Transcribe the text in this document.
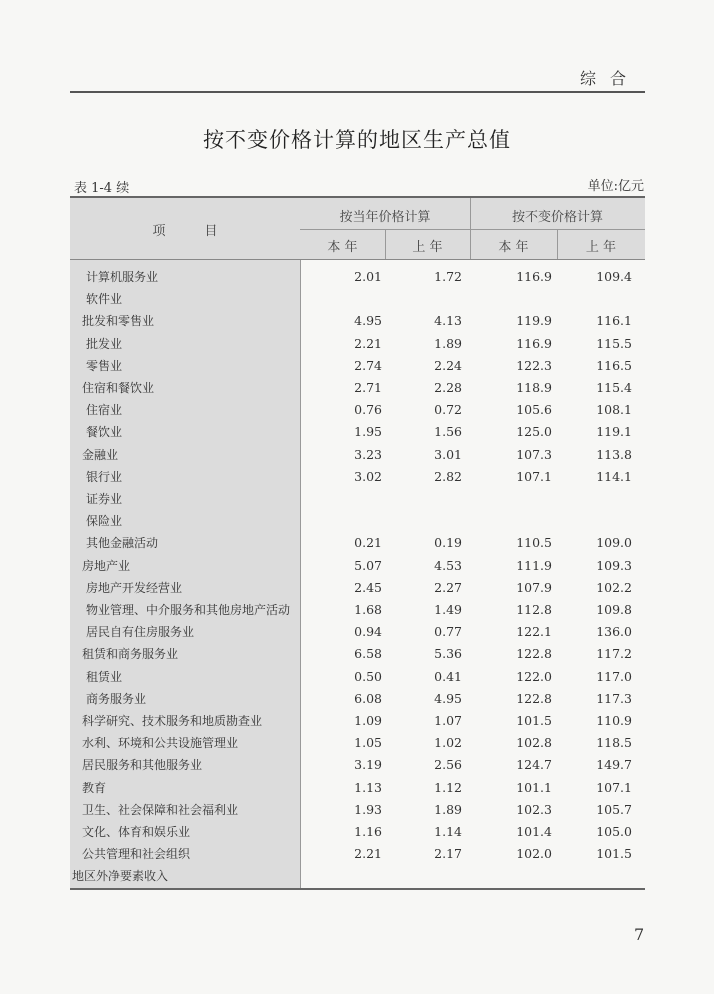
综合
按不变价格计算的地区生产总值
表 1-4 续	单位:亿元
项　　　目
按当年价格计算	按不变价格计算
本 年	上 年	本 年	上 年
计算机服务业	2.01	1.72	116.9	109.4
软件业
批发和零售业	4.95	4.13	119.9	116.1
批发业	2.21	1.89	116.9	115.5
零售业	2.74	2.24	122.3	116.5
住宿和餐饮业	2.71	2.28	118.9	115.4
住宿业	0.76	0.72	105.6	108.1
餐饮业	1.95	1.56	125.0	119.1
金融业	3.23	3.01	107.3	113.8
银行业	3.02	2.82	107.1	114.1
证券业
保险业
其他金融活动	0.21	0.19	110.5	109.0
房地产业	5.07	4.53	111.9	109.3
房地产开发经营业	2.45	2.27	107.9	102.2
物业管理、中介服务和其他房地产活动	1.68	1.49	112.8	109.8
居民自有住房服务业	0.94	0.77	122.1	136.0
租赁和商务服务业	6.58	5.36	122.8	117.2
租赁业	0.50	0.41	122.0	117.0
商务服务业	6.08	4.95	122.8	117.3
科学研究、技术服务和地质勘查业	1.09	1.07	101.5	110.9
水利、环境和公共设施管理业	1.05	1.02	102.8	118.5
居民服务和其他服务业	3.19	2.56	124.7	149.7
教育	1.13	1.12	101.1	107.1
卫生、社会保障和社会福利业	1.93	1.89	102.3	105.7
文化、体育和娱乐业	1.16	1.14	101.4	105.0
公共管理和社会组织	2.21	2.17	102.0	101.5
地区外净要素收入
7
